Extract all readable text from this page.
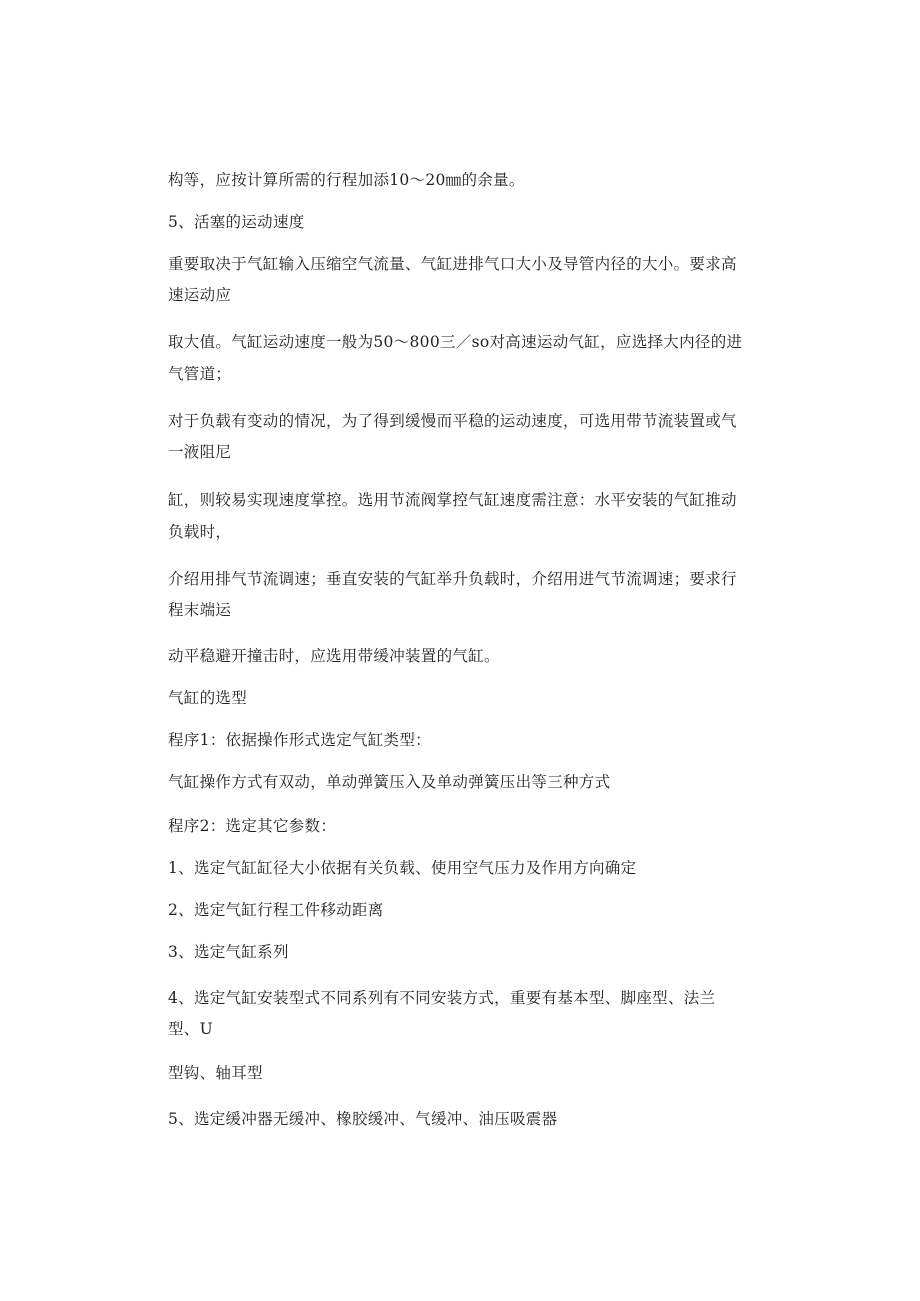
构等，应按计算所需的行程加添10～20㎜的余量。
5、活塞的运动速度
重要取决于气缸输入压缩空气流量、气缸进排气口大小及导管内径的大小。要求高
速运动应
取大值。气缸运动速度一般为50～800三／so对高速运动气缸，应选择大内径的进
气管道；
对于负载有变动的情况，为了得到缓慢而平稳的运动速度，可选用带节流装置或气
一液阻尼
缸，则较易实现速度掌控。选用节流阀掌控气缸速度需注意：水平安装的气缸推动
负载时，
介绍用排气节流调速；垂直安装的气缸举升负载时，介绍用进气节流调速；要求行
程末端运
动平稳避开撞击时，应选用带缓冲装置的气缸。
气缸的选型
程序1：依据操作形式选定气缸类型：
气缸操作方式有双动，单动弹簧压入及单动弹簧压出等三种方式
程序2：选定其它参数：
1、选定气缸缸径大小依据有关负载、使用空气压力及作用方向确定
2、选定气缸行程工件移动距离
3、选定气缸系列
4、选定气缸安装型式不同系列有不同安装方式，重要有基本型、脚座型、法兰
型、U
型钩、轴耳型
5、选定缓冲器无缓冲、橡胶缓冲、气缓冲、油压吸震器
